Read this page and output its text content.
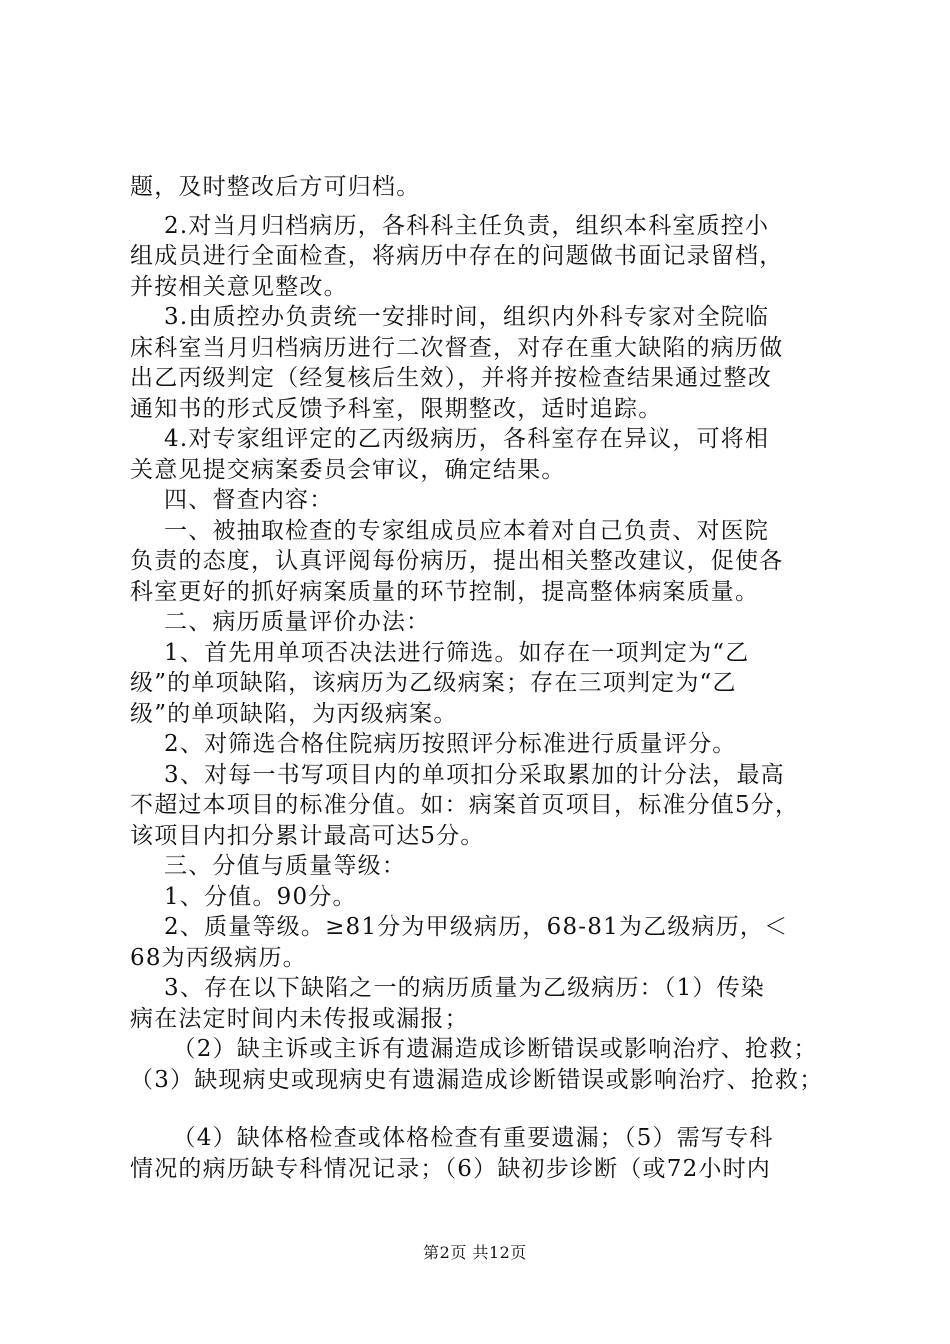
题，及时整改后方可归档。
2.对当月归档病历，各科科主任负责，组织本科室质控小
组成员进行全面检查，将病历中存在的问题做书面记录留档，
并按相关意见整改。
3.由质控办负责统一安排时间，组织内外科专家对全院临
床科室当月归档病历进行二次督查，对存在重大缺陷的病历做
出乙丙级判定（经复核后生效），并将并按检查结果通过整改
通知书的形式反馈予科室，限期整改，适时追踪。
4.对专家组评定的乙丙级病历，各科室存在异议，可将相
关意见提交病案委员会审议，确定结果。
四、督查内容：
一、被抽取检查的专家组成员应本着对自己负责、对医院
负责的态度，认真评阅每份病历，提出相关整改建议，促使各
科室更好的抓好病案质量的环节控制，提高整体病案质量。
二、病历质量评价办法：
1、首先用单项否决法进行筛选。如存在一项判定为“乙
级”的单项缺陷，该病历为乙级病案；存在三项判定为“乙
级”的单项缺陷，为丙级病案。
2、对筛选合格住院病历按照评分标准进行质量评分。
3、对每一书写项目内的单项扣分采取累加的计分法，最高
不超过本项目的标准分值。如：病案首页项目，标准分值5分，
该项目内扣分累计最高可达5分。
三、分值与质量等级：
1、分值。90分。
2、质量等级。≥81分为甲级病历，68-81为乙级病历，＜
68为丙级病历。
3、存在以下缺陷之一的病历质量为乙级病历：（1）传染
病在法定时间内未传报或漏报；
（2）缺主诉或主诉有遗漏造成诊断错误或影响治疗、抢救；
（3）缺现病史或现病史有遗漏造成诊断错误或影响治疗、抢救；
（4）缺体格检查或体格检查有重要遗漏；（5）需写专科
情况的病历缺专科情况记录；（6）缺初步诊断（或72小时内
第2页 共12页
